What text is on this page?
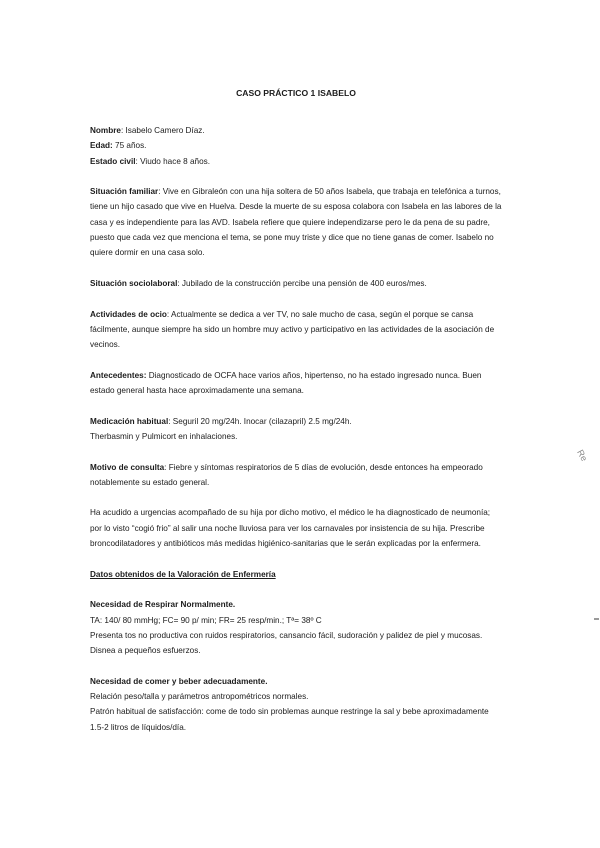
CASO PRÁCTICO 1 ISABELO

Nombre: Isabelo Camero Díaz.

Edad: 75 años.

Estado civil: Viudo hace 8 años.

Situación familiar: Vive en Gibraleón con una hija soltera de 50 años Isabela, que trabaja en telefónica a turnos, tiene un hijo casado que vive en Huelva. Desde la muerte de su esposa colabora con Isabela en las labores de la casa y es independiente para las AVD. Isabela refiere que quiere independizarse pero le da pena de su padre, puesto que cada vez que menciona el tema, se pone muy triste y dice que no tiene ganas de comer. Isabelo no quiere dormir en una casa solo.

Situación sociolaboral: Jubilado de la construcción percibe una pensión de 400 euros/mes.

Actividades de ocio: Actualmente se dedica a ver TV, no sale mucho de casa, según el porque se cansa fácilmente, aunque siempre ha sido un hombre muy activo y participativo en las actividades de la asociación de vecinos.

Antecedentes: Diagnosticado de OCFA hace varios años, hipertenso, no ha estado ingresado nunca. Buen estado general hasta hace aproximadamente una semana.

Medicación habitual: Seguril 20 mg/24h. Inocar (cilazapril) 2.5 mg/24h.

Therbasmin y Pulmicort en inhalaciones.

Motivo de consulta: Fiebre y síntomas respiratorios de 5 días de evolución, desde entonces ha empeorado notablemente su estado general.

Ha acudido a urgencias acompañado de su hija por dicho motivo, el médico le ha diagnosticado de neumonía; por lo visto “cogió frio” al salir una noche lluviosa para ver los carnavales por insistencia de su hija. Prescribe broncodilatadores y antibióticos más medidas higiénico-sanitarias que le serán explicadas por la enfermera.

Datos obtenidos de la Valoración de Enfermería

Necesidad de Respirar Normalmente.

TA: 140/ 80 mmHg; FC= 90 p/ min; FR= 25 resp/min.; Tª= 38º C

Presenta tos no productiva con ruidos respiratorios, cansancio fácil, sudoración y palidez de piel y mucosas. Disnea a pequeños esfuerzos.

Necesidad de comer y beber adecuadamente.

Relación peso/talla y parámetros antropométricos normales.

Patrón habitual de satisfacción: come de todo sin problemas aunque restringe la sal y bebe aproximadamente 1.5-2 litros de líquidos/día.

Re
